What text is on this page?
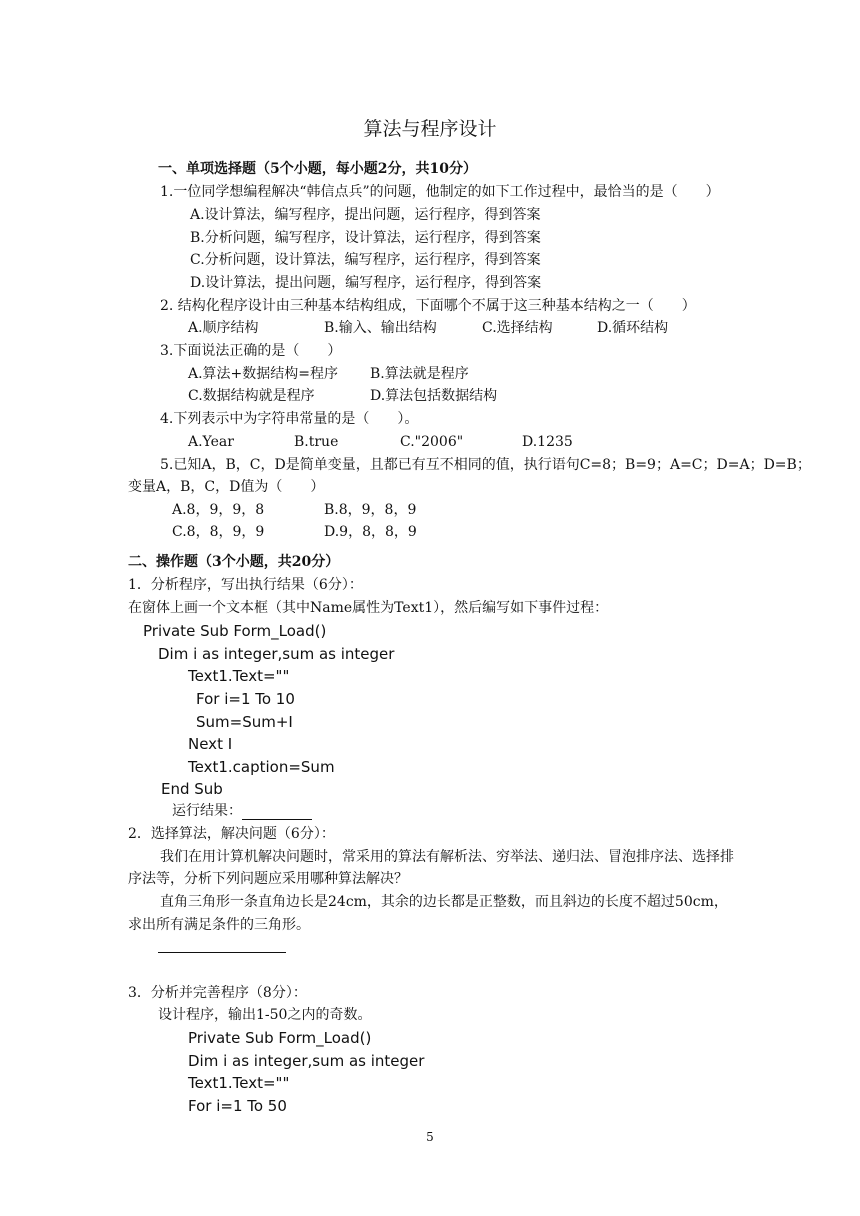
算法与程序设计
一、单项选择题（5个小题，每小题2分，共10分）
1.一位同学想编程解决“韩信点兵”的问题，他制定的如下工作过程中，最恰当的是（　　）
A.设计算法，编写程序，提出问题，运行程序，得到答案
B.分析问题，编写程序，设计算法，运行程序，得到答案
C.分析问题，设计算法，编写程序，运行程序，得到答案
D.设计算法，提出问题，编写程序，运行程序，得到答案
2. 结构化程序设计由三种基本结构组成，下面哪个不属于这三种基本结构之一（　　）
A.顺序结构	B.输入、输出结构	C.选择结构	D.循环结构
3.下面说法正确的是（　　）
A.算法+数据结构=程序 B.算法就是程序
C.数据结构就是程序	D.算法包括数据结构
4.下列表示中为字符串常量的是（　　）。
A.Year	B.true	C."2006"	D.1235
5.已知A，B，C，D是简单变量，且都已有互不相同的值，执行语句C=8；B=9；A=C；D=A；D=B；
变量A，B，C，D值为（　　）
A.8，9，9，8	B.8，9，8，9
C.8，8，9，9	D.9，8，8，9
二、操作题（3个小题，共20分）
1．分析程序，写出执行结果（6分）：
在窗体上画一个文本框（其中Name属性为Text1），然后编写如下事件过程：
Private Sub Form_Load()
Dim i as integer,sum as integer
Text1.Text=""
For i=1 To 10
Sum=Sum+I
Next I
Text1.caption=Sum
End Sub
运行结果：
2．选择算法，解决问题（6分）：
我们在用计算机解决问题时，常采用的算法有解析法、穷举法、递归法、冒泡排序法、选择排
序法等，分析下列问题应采用哪种算法解决？
直角三角形一条直角边长是24cm，其余的边长都是正整数，而且斜边的长度不超过50cm，
求出所有满足条件的三角形。
3．分析并完善程序（8分）：
设计程序，输出1-50之内的奇数。
Private Sub Form_Load()
Dim i as integer,sum as integer
Text1.Text=""
For i=1 To 50
5
